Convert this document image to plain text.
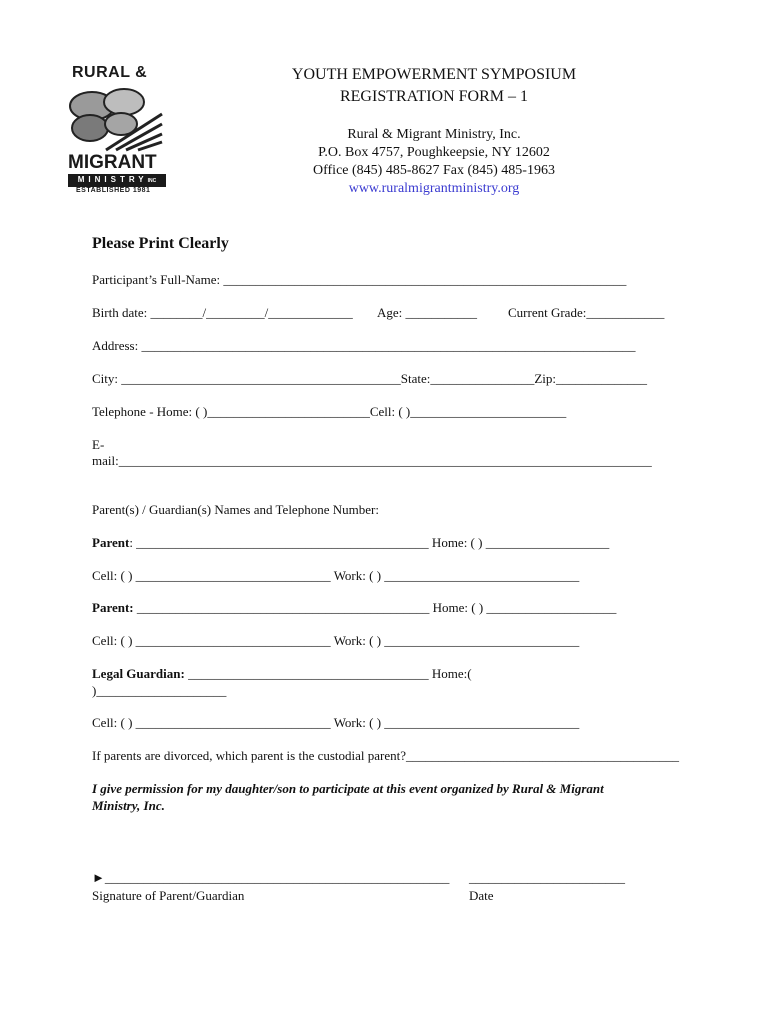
RURAL &
MIGRANT
MINISTRYINC
ESTABLISHED 1981
YOUTH EMPOWERMENT SYMPOSIUM
REGISTRATION FORM – 1
Rural & Migrant Ministry, Inc.
P.O. Box 4757, Poughkeepsie, NY 12602
Office (845) 485-8627 Fax (845) 485-1963
www.ruralmigrantministry.org
Please Print Clearly
Participant’s Full-Name: ______________________________________________________________
Birth date: ________/_________/_____________ Age: ___________ Current Grade:____________
Address: ____________________________________________________________________________
City: ___________________________________________State:________________Zip:______________
Telephone - Home: ( )_________________________Cell: ( )________________________
E-
mail:__________________________________________________________________________________
Parent(s) / Guardian(s) Names and Telephone Number:
Parent: _____________________________________________ Home: ( ) ___________________
Cell: ( ) ______________________________ Work: ( ) ______________________________
Parent: _____________________________________________ Home: ( ) ____________________
Cell: ( ) ______________________________ Work: ( ) ______________________________
Legal Guardian: _____________________________________ Home:(
)____________________
Cell: ( ) ______________________________ Work: ( ) ______________________________
If parents are divorced, which parent is the custodial parent?__________________________________________
I give permission for my daughter/son to participate at this event organized by Rural & Migrant
Ministry, Inc.
►_____________________________________________________ ________________________
Signature of Parent/Guardian	Date
